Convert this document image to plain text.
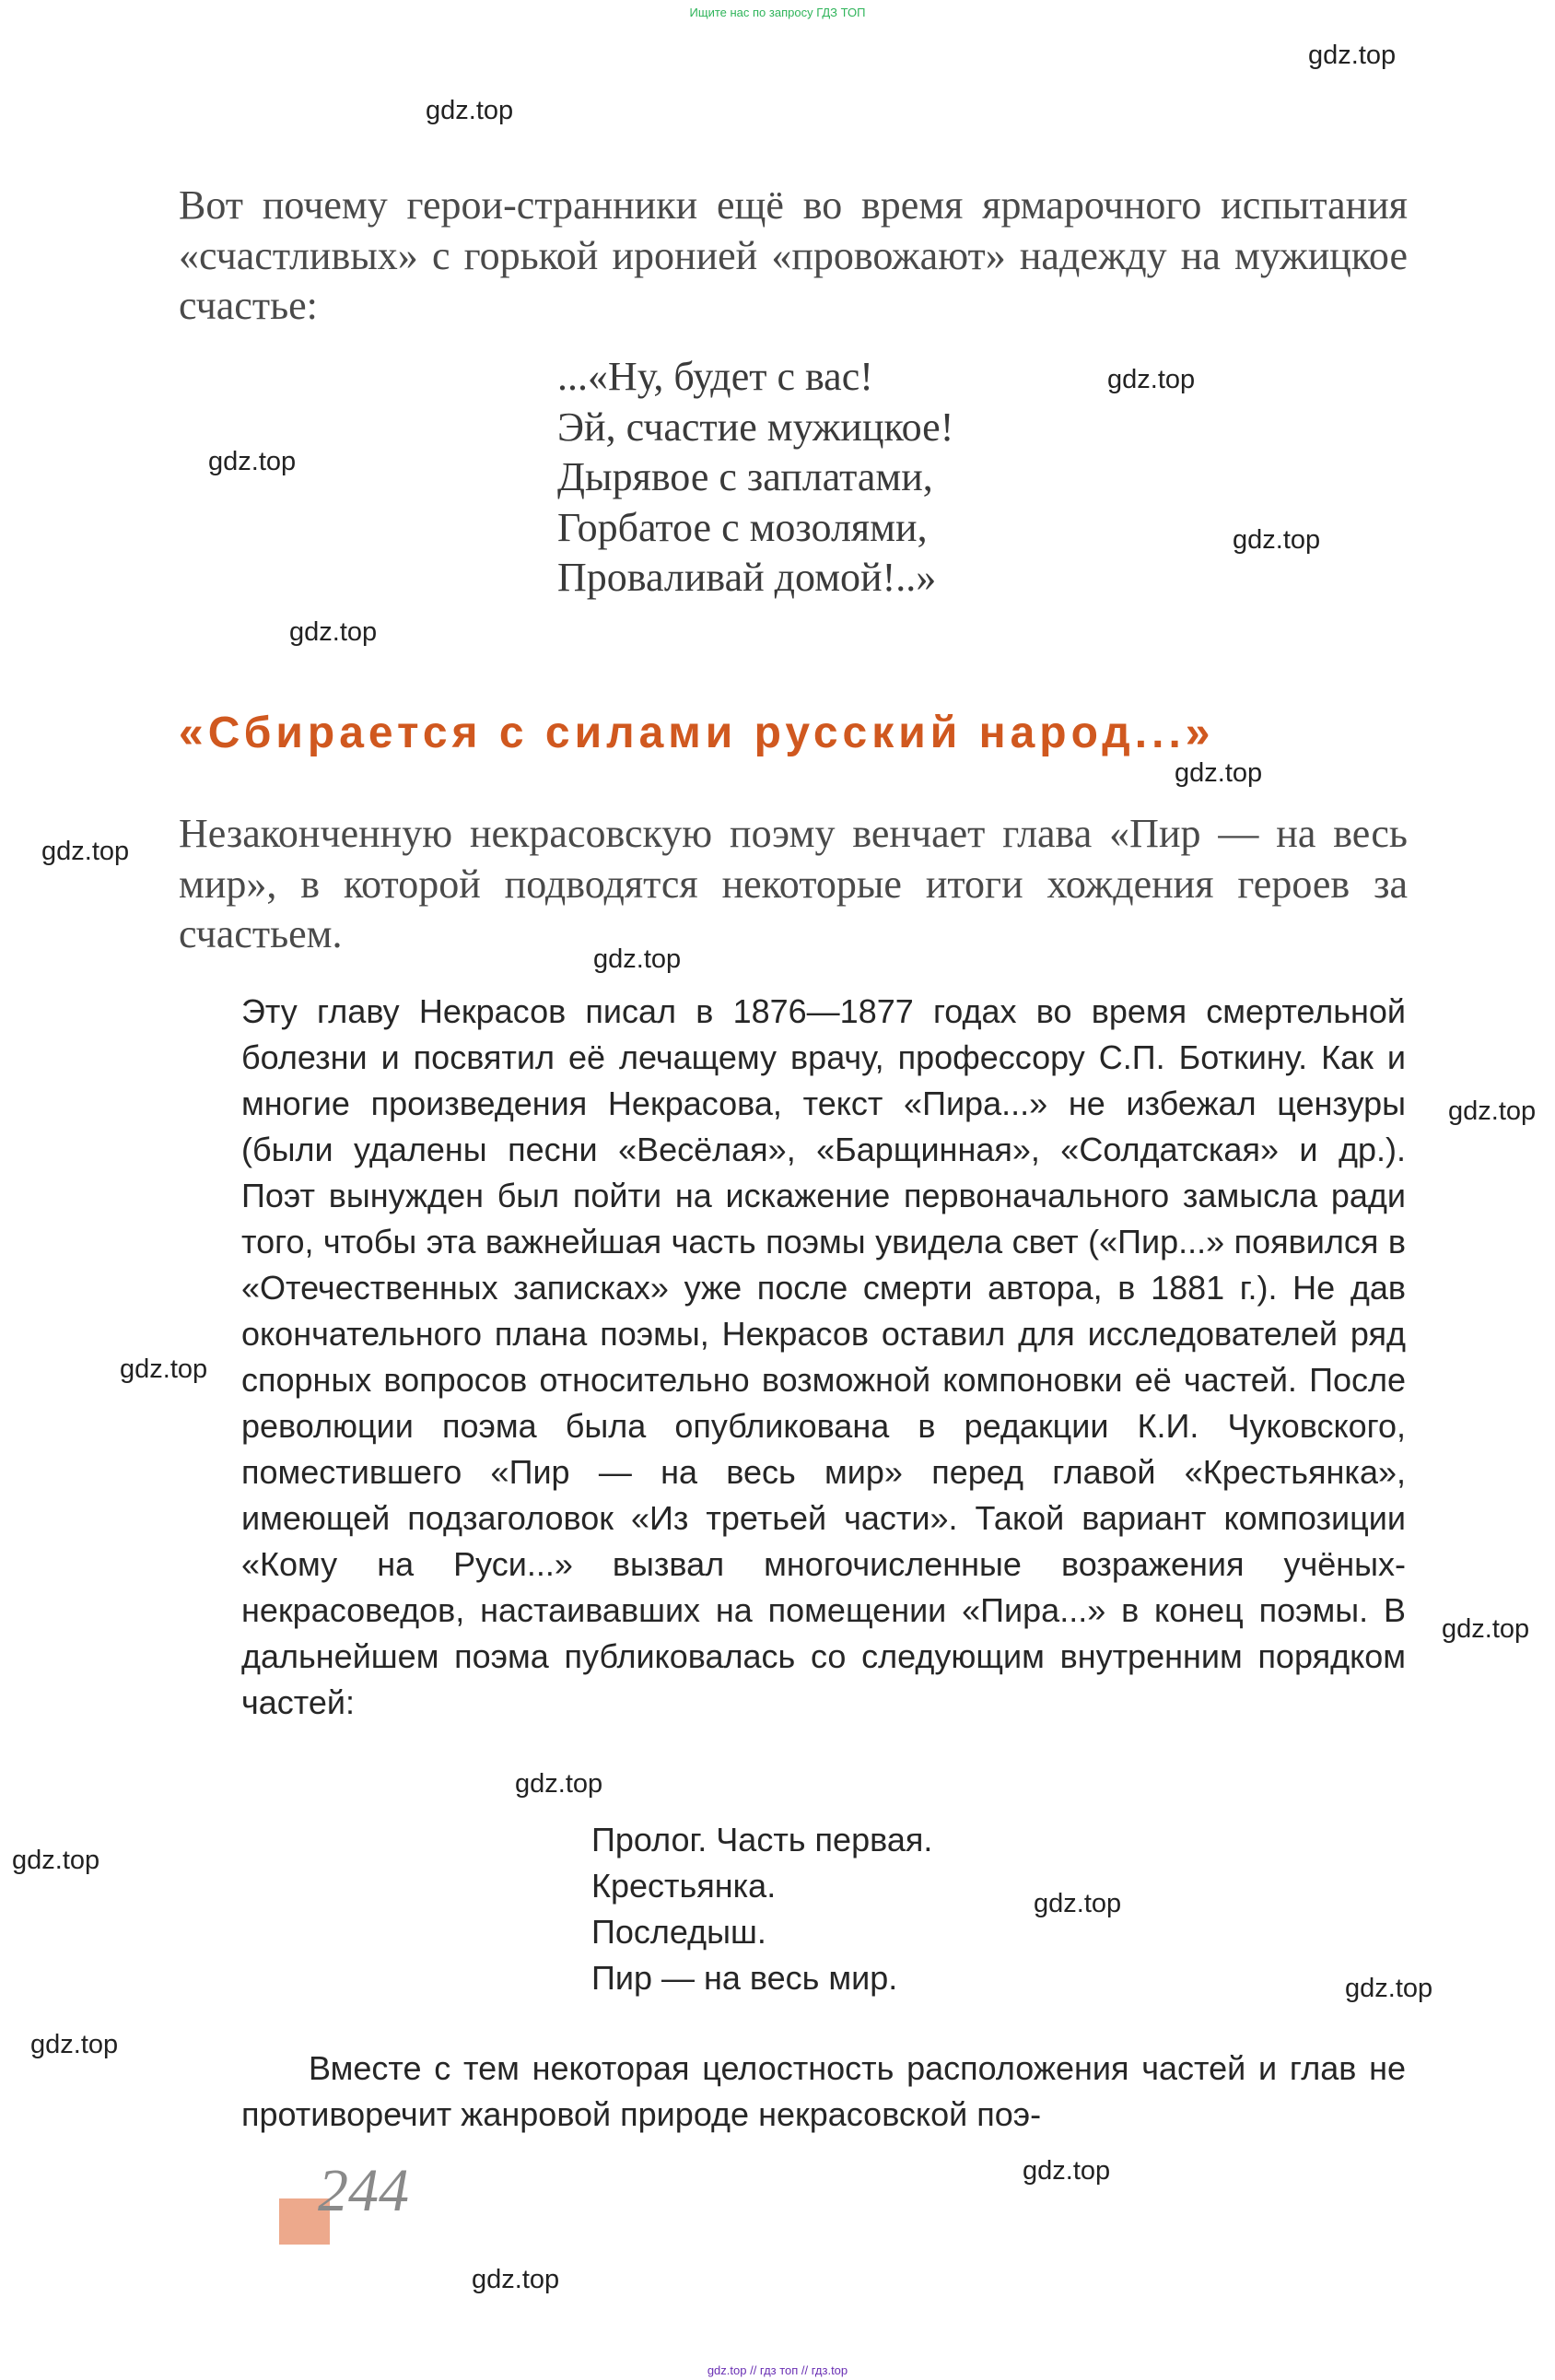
Ищите нас по запросу ГДЗ ТОП
gdz.top
gdz.top
gdz.top
gdz.top
gdz.top
gdz.top
gdz.top
gdz.top
gdz.top
gdz.top
gdz.top
gdz.top
gdz.top
gdz.top
gdz.top
gdz.top
gdz.top
gdz.top
gdz.top
Вот почему герои-странники ещё во время ярмарочного испытания «счастливых» с горькой иронией «провожают» надежду на мужицкое счастье:
...«Ну, будет с вас!
Эй, счастие мужицкое!
Дырявое с заплатами,
Горбатое с мозолями,
Проваливай домой!..»
«Сбирается с силами русский народ...»
Незаконченную некрасовскую поэму венчает глава «Пир — на весь мир», в которой подводятся некоторые итоги хождения героев за счастьем.
Эту главу Некрасов писал в 1876—1877 годах во время смертельной болезни и посвятил её лечащему врачу, профессору С.П. Боткину. Как и многие произведения Некрасова, текст «Пира...» не избежал цензуры (были удалены песни «Весёлая», «Барщинная», «Солдатская» и др.). Поэт вынужден был пойти на искажение первоначального замысла ради того, чтобы эта важнейшая часть поэмы увидела свет («Пир...» появился в «Отечественных записках» уже после смерти автора, в 1881 г.). Не дав окончательного плана поэмы, Некрасов оставил для исследователей ряд спорных вопросов относительно возможной компоновки её частей. После революции поэма была опубликована в редакции К.И. Чуковского, поместившего «Пир — на весь мир» перед главой «Крестьянка», имеющей подзаголовок «Из третьей части». Такой вариант композиции «Кому на Руси...» вызвал многочисленные возражения учёных-некрасоведов, настаивавших на помещении «Пира...» в конец поэмы. В дальнейшем поэма публиковалась со следующим внутренним порядком частей:
Пролог. Часть первая.
Крестьянка.
Последыш.
Пир — на весь мир.
Вместе с тем некоторая целостность расположения частей и глав не противоречит жанровой природе некрасовской поэ-
244
gdz.top // гдз топ // гдз.top
